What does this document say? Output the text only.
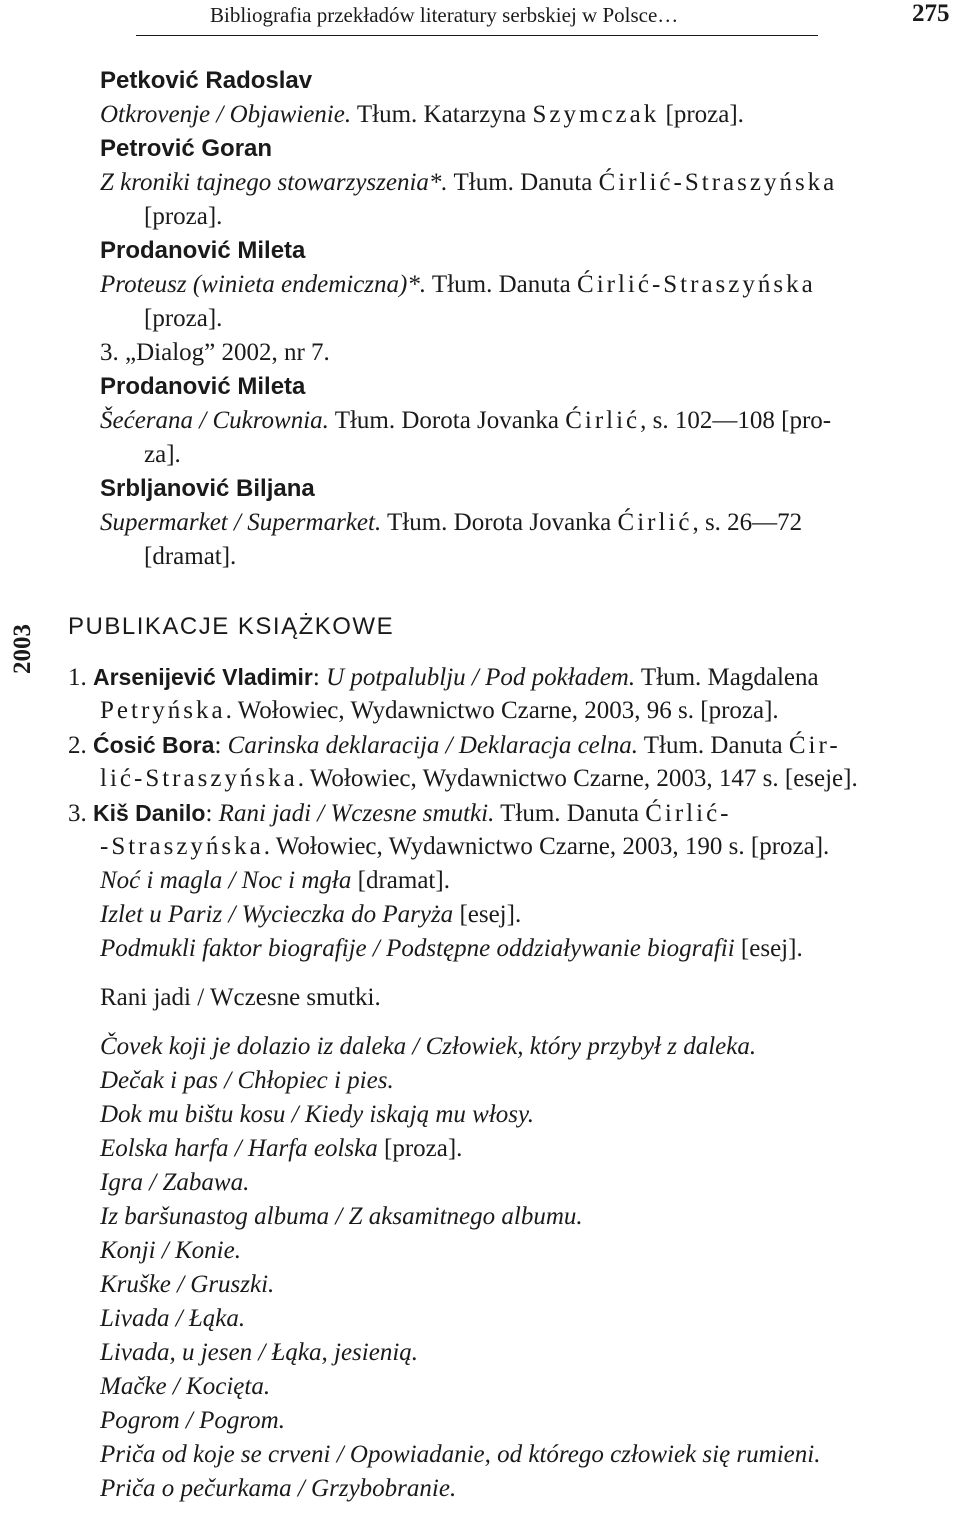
Bibliografia przekładów literatury serbskiej w Polsce…	275
2003
Petković Radoslav
Otkrovenje / Objawienie. Tłum. Katarzyna Szymczak [proza].
Petrović Goran
Z kroniki tajnego stowarzyszenia*. Tłum. Danuta Ćirlić-Straszyńska
[proza].
Prodanović Mileta
Proteusz (winieta endemiczna)*. Tłum. Danuta Ćirlić-Straszyńska
[proza].
3. „Dialog” 2002, nr 7.
Prodanović Mileta
Šećerana / Cukrownia. Tłum. Dorota Jovanka Ćirlić, s. 102—108 [pro-
za].
Srbljanović Biljana
Supermarket / Supermarket. Tłum. Dorota Jovanka Ćirlić, s. 26—72
[dramat].
PUBLIKACJE KSIĄŻKOWE
1. Arsenijević Vladimir: U potpalublju / Pod pokładem. Tłum. Magdalena
Petryńska. Wołowiec, Wydawnictwo Czarne, 2003, 96 s. [proza].
2. Ćosić Bora: Carinska deklaracija / Deklaracja celna. Tłum. Danuta Ćir-
lić-Straszyńska. Wołowiec, Wydawnictwo Czarne, 2003, 147 s. [eseje].
3. Kiš Danilo: Rani jadi / Wczesne smutki. Tłum. Danuta Ćirlić-
-Straszyńska. Wołowiec, Wydawnictwo Czarne, 2003, 190 s. [proza].
Noć i magla / Noc i mgła [dramat].
Izlet u Pariz / Wycieczka do Paryża [esej].
Podmukli faktor biografije / Podstępne oddziaływanie biografii [esej].
Rani jadi / Wczesne smutki.
Čovek koji je dolazio iz daleka / Człowiek, który przybył z daleka.
Dečak i pas / Chłopiec i pies.
Dok mu bištu kosu / Kiedy iskają mu włosy.
Eolska harfa / Harfa eolska [proza].
Igra / Zabawa.
Iz baršunastog albuma / Z aksamitnego albumu.
Konji / Konie.
Kruške / Gruszki.
Livada / Łąka.
Livada, u jesen / Łąka, jesienią.
Mačke / Kocięta.
Pogrom / Pogrom.
Priča od koje se crveni / Opowiadanie, od którego człowiek się rumieni.
Priča o pečurkama / Grzybobranie.
